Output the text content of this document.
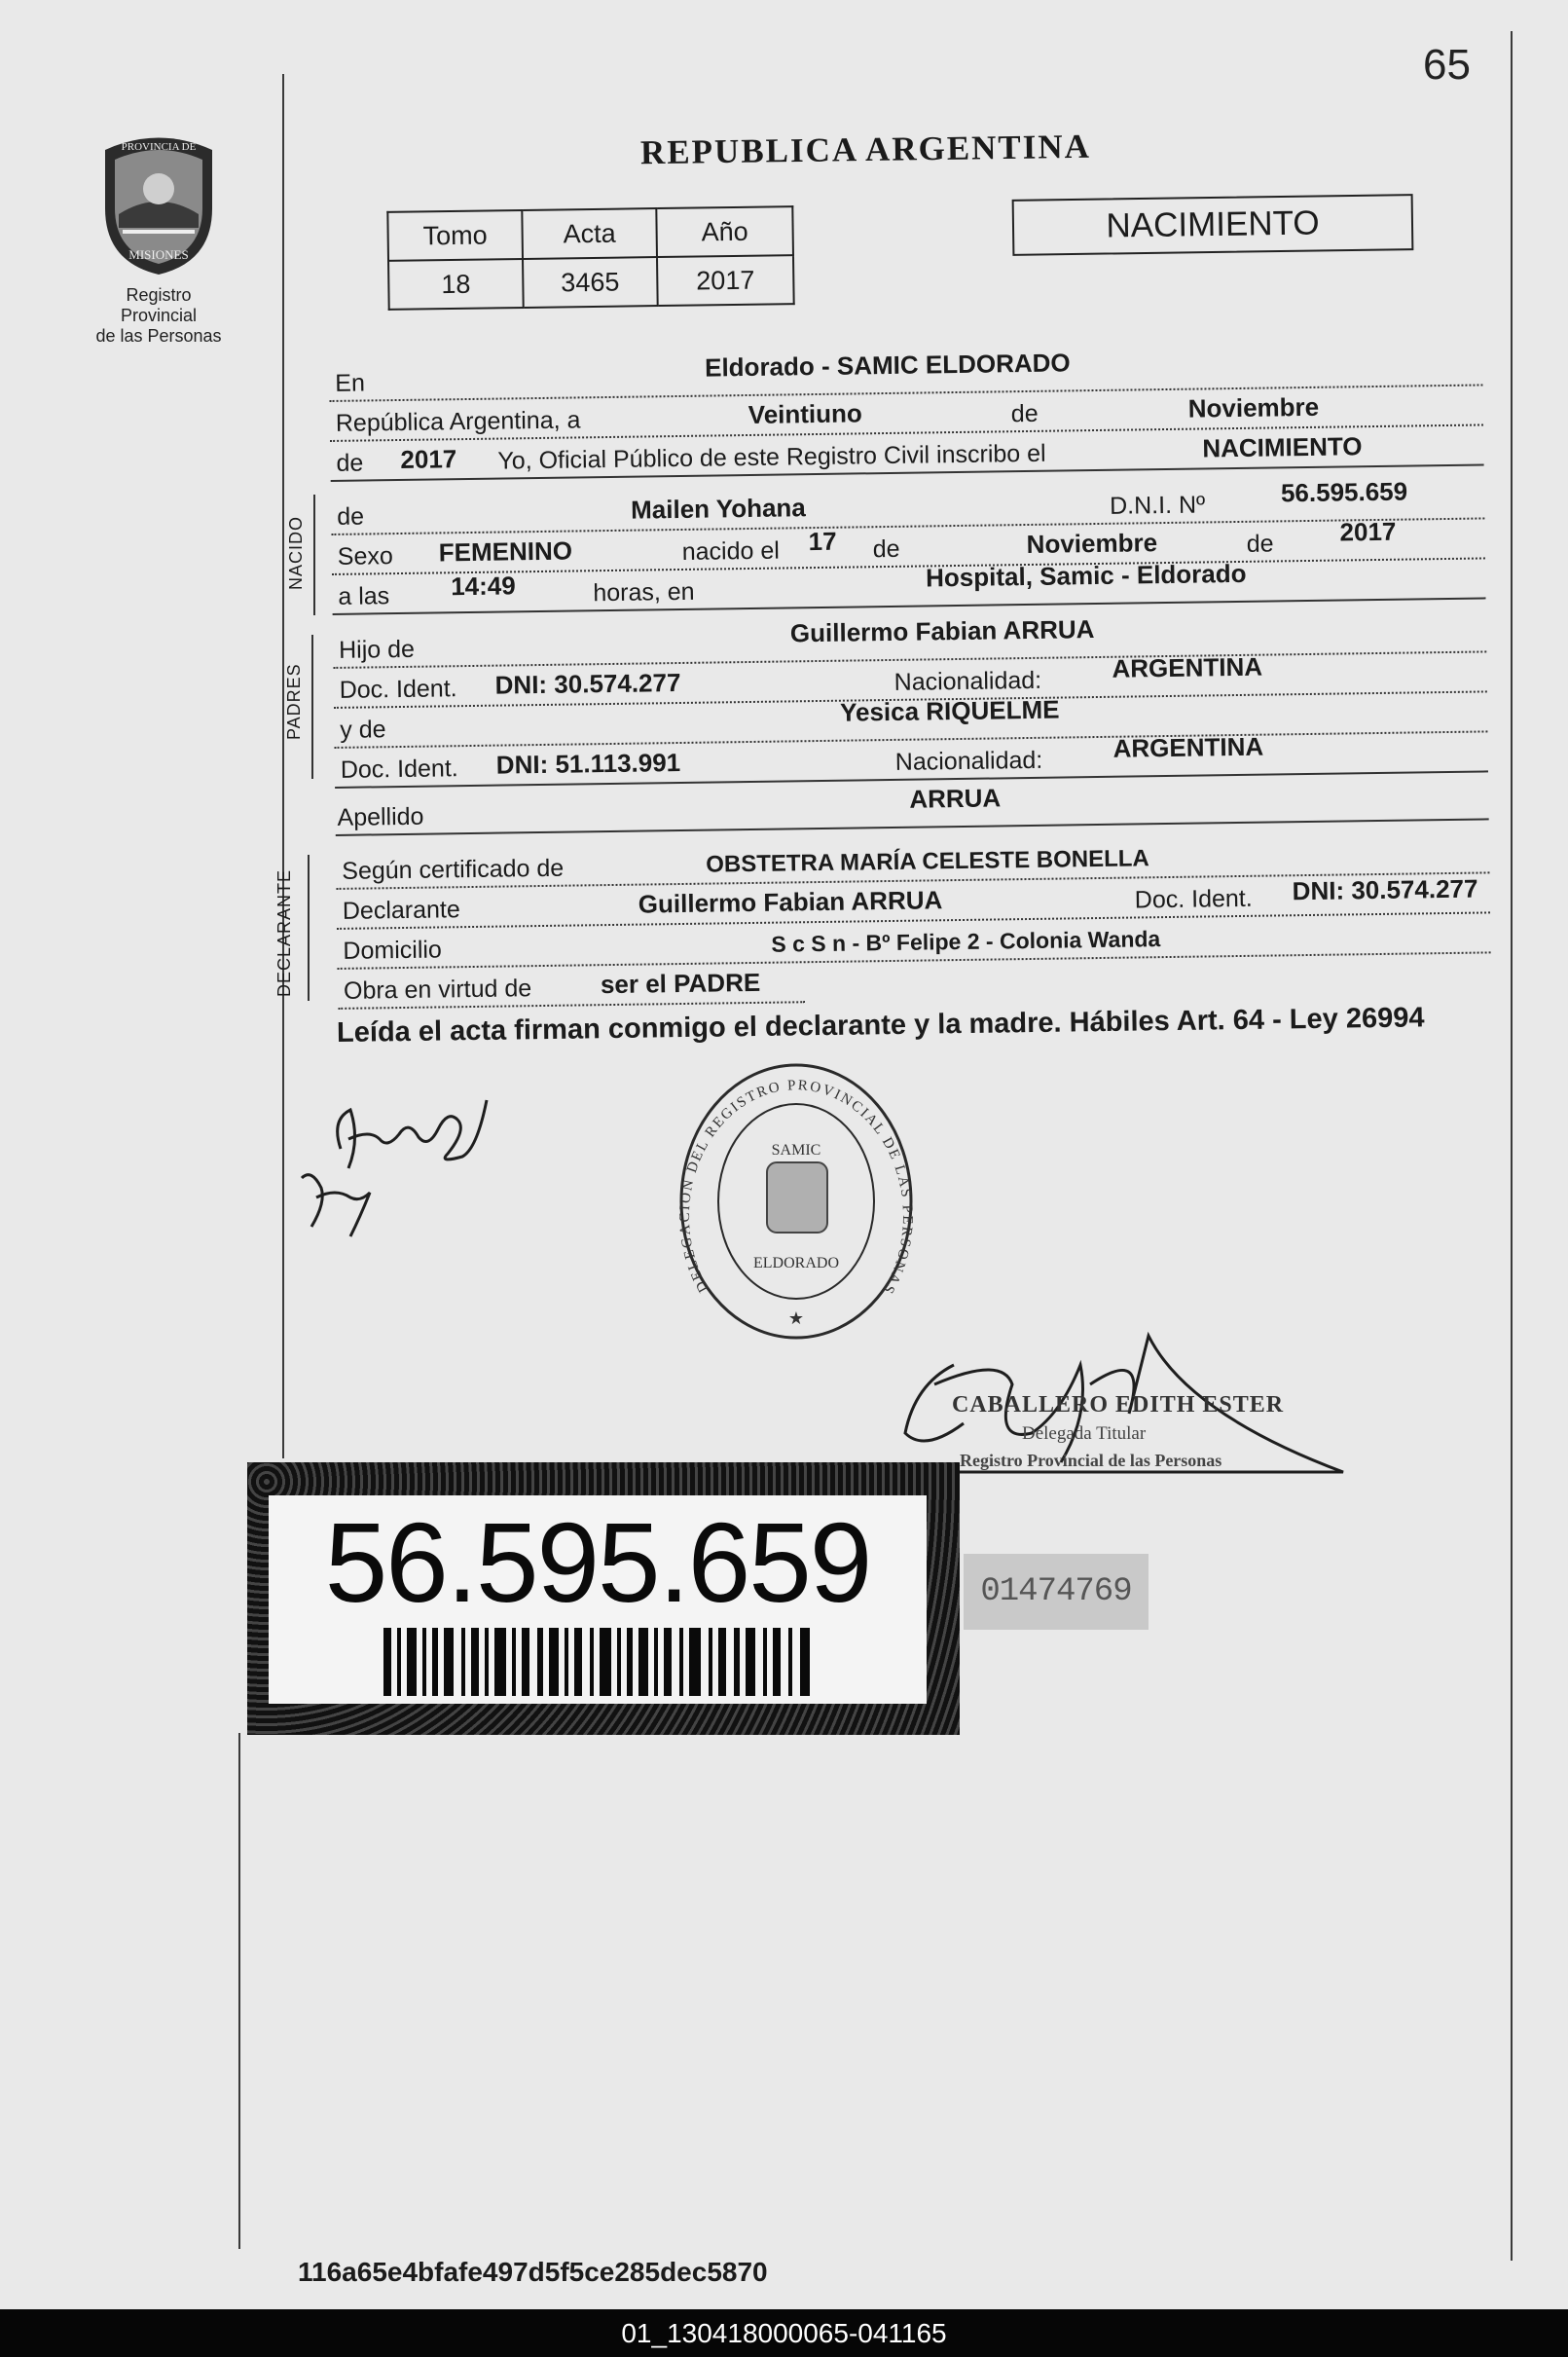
65
PROVINCIA DE
MISIONES
Registro Provincial
de las Personas
REPUBLICA ARGENTINA
Tomo	Acta	Año
18	3465	2017
NACIMIENTO
En
Eldorado - SAMIC ELDORADO
República Argentina, a	Veintiuno	de	Noviembre
de 2017 Yo, Oficial Público de este Registro Civil inscribo el	NACIMIENTO
de	Mailen Yohana	D.N.I. Nº	56.595.659
Sexo FEMENINO	nacido el 17 de	Noviembre	de	2017
a las 14:49	horas, en
Hospital, Samic - Eldorado
Hijo de
Guillermo Fabian ARRUA
Doc. Ident. DNI: 30.574.277	Nacionalidad:	ARGENTINA
y de
Yesica RIQUELME
Doc. Ident. DNI: 51.113.991	Nacionalidad:	ARGENTINA
Apellido
ARRUA
Según certificado de	OBSTETRA MARÍA CELESTE BONELLA
Declarante	Guillermo Fabian ARRUA	Doc. Ident. DNI: 30.574.277
Domicilio	S c S n - Bº Felipe 2 - Colonia Wanda
Obra en virtud de	ser el PADRE
NACIDO
PADRES
DECLARANTE
Leída el acta firman conmigo el declarante y la madre. Hábiles Art. 64 - Ley 26994
SAMIC
ELDORADO
DELEGACION DEL REGISTRO PROVINCIAL DE LAS PERSONAS
★
CABALLERO EDITH ESTER
Delegada Titular
Registro Provincial de las Personas
56.595.659	01474769
116a65e4bfafe497d5f5ce285dec5870
01_130418000065-041165
